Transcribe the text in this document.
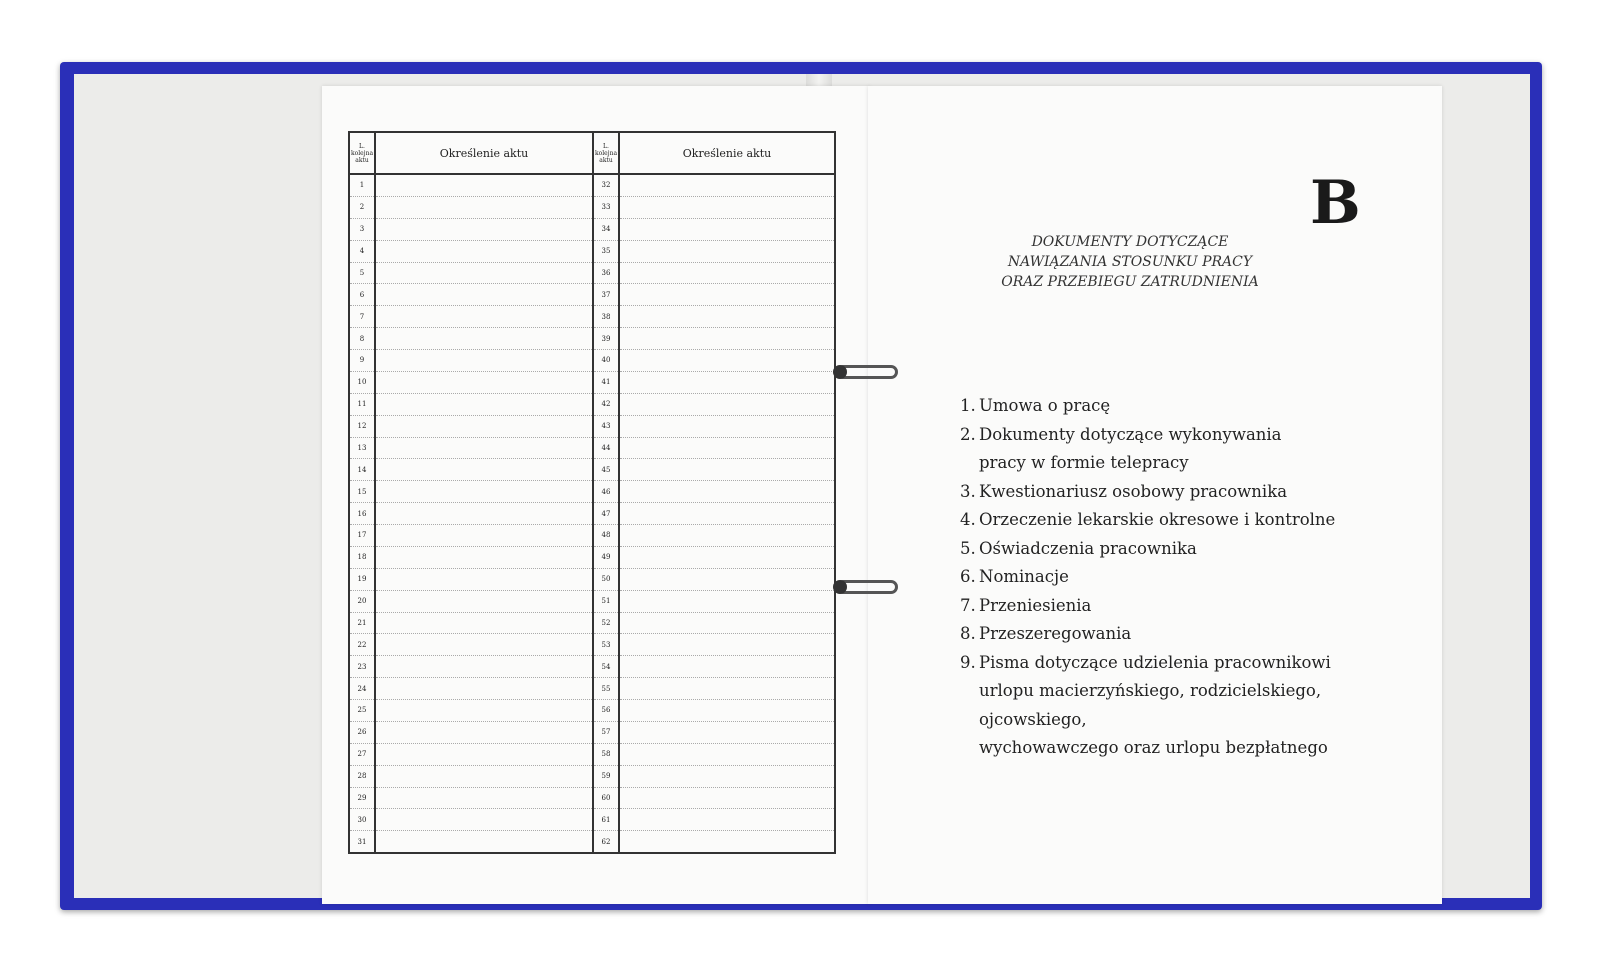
L. kolejna aktu
1
2
3
4
5
6
7
8
9
10
11
12
13
14
15
16
17
18
19
20
21
22
23
24
25
26
27
28
29
30
31
Określenie aktu
L. kolejna aktu
32
33
34
35
36
37
38
39
40
41
42
43
44
45
46
47
48
49
50
51
52
53
54
55
56
57
58
59
60
61
62
Określenie aktu
B
DOKUMENTY DOTYCZĄCE
NAWIĄZANIA STOSUNKU PRACY
ORAZ PRZEBIEGU ZATRUDNIENIA
1. Umowa o pracę
2. Dokumenty dotyczące wykonywania
pracy w formie telepracy
3. Kwestionariusz osobowy pracownika
4. Orzeczenie lekarskie okresowe i kontrolne
5. Oświadczenia pracownika
6. Nominacje
7. Przeniesienia
8. Przeszeregowania
9. Pisma dotyczące udzielenia pracownikowi
urlopu macierzyńskiego, rodzicielskiego, ojcowskiego,
wychowawczego oraz urlopu bezpłatnego
